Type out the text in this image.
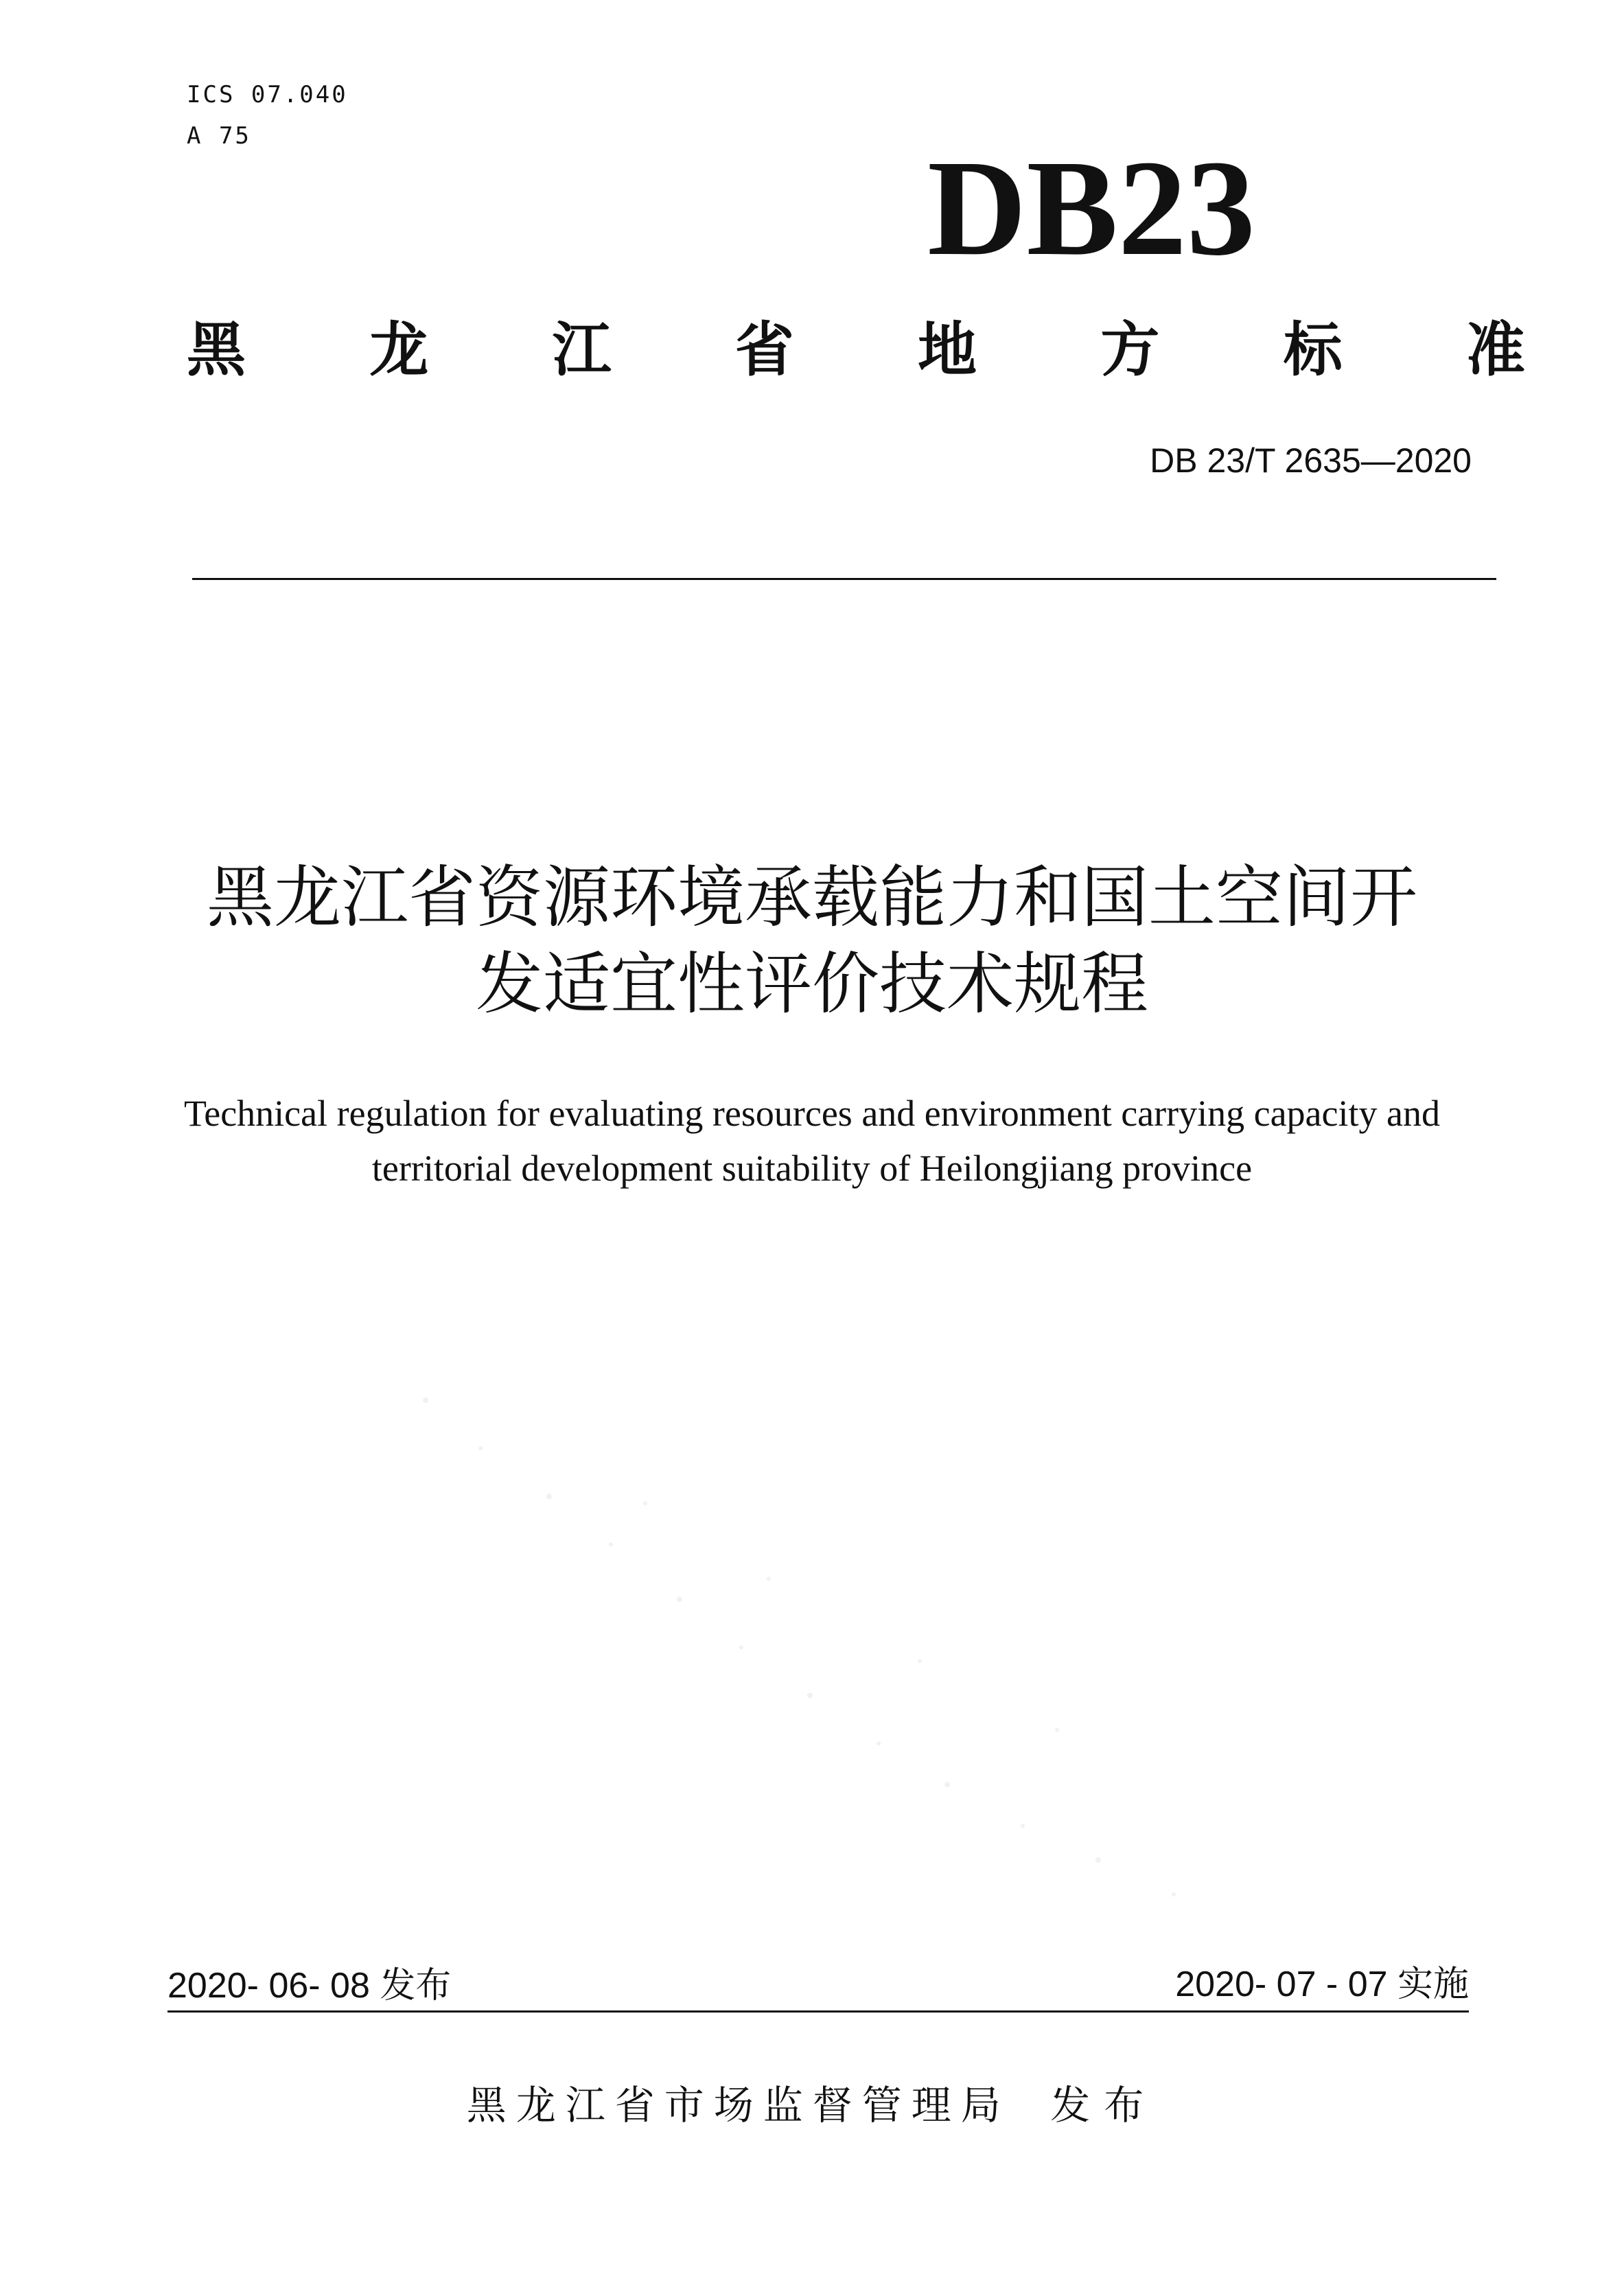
ICS 07.040
A 75	DB23
黑 龙 江 省 地 方 标 准
DB 23/T 2635—2020
黑龙江省资源环境承载能力和国土空间开
发适宜性评价技术规程
Technical regulation for evaluating resources and environment carrying capacity and
territorial development suitability of Heilongjiang province
2020- 06- 08 发布	2020- 07 - 07 实施
黑龙江省市场监督管理局 发布
